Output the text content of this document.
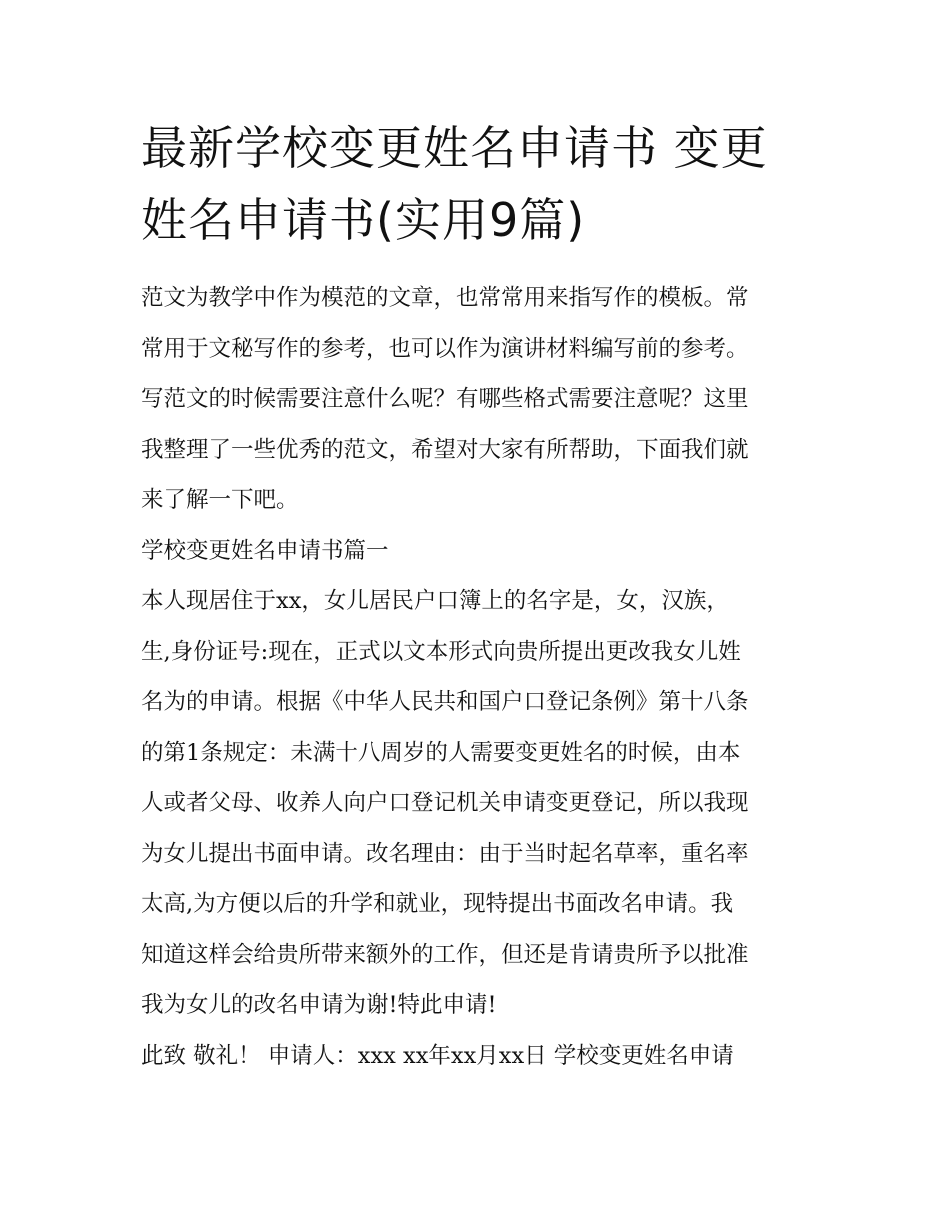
最新学校变更姓名申请书 变更
姓名申请书(实用9篇)
范文为教学中作为模范的文章，也常常用来指写作的模板。常
常用于文秘写作的参考，也可以作为演讲材料编写前的参考。
写范文的时候需要注意什么呢？有哪些格式需要注意呢？这里
我整理了一些优秀的范文，希望对大家有所帮助，下面我们就
来了解一下吧。
学校变更姓名申请书篇一
本人现居住于xx，女儿居民户口簿上的名字是，女，汉族，
生,身份证号:现在，正式以文本形式向贵所提出更改我女儿姓
名为的申请。根据《中华人民共和国户口登记条例》第十八条
的第1条规定：未满十八周岁的人需要变更姓名的时候，由本
人或者父母、收养人向户口登记机关申请变更登记，所以我现
为女儿提出书面申请。改名理由：由于当时起名草率，重名率
太高,为方便以后的升学和就业，现特提出书面改名申请。我
知道这样会给贵所带来额外的工作，但还是肯请贵所予以批准
我为女儿的改名申请为谢!特此申请!
此致 敬礼！ 申请人：xxx xx年xx月xx日 学校变更姓名申请
